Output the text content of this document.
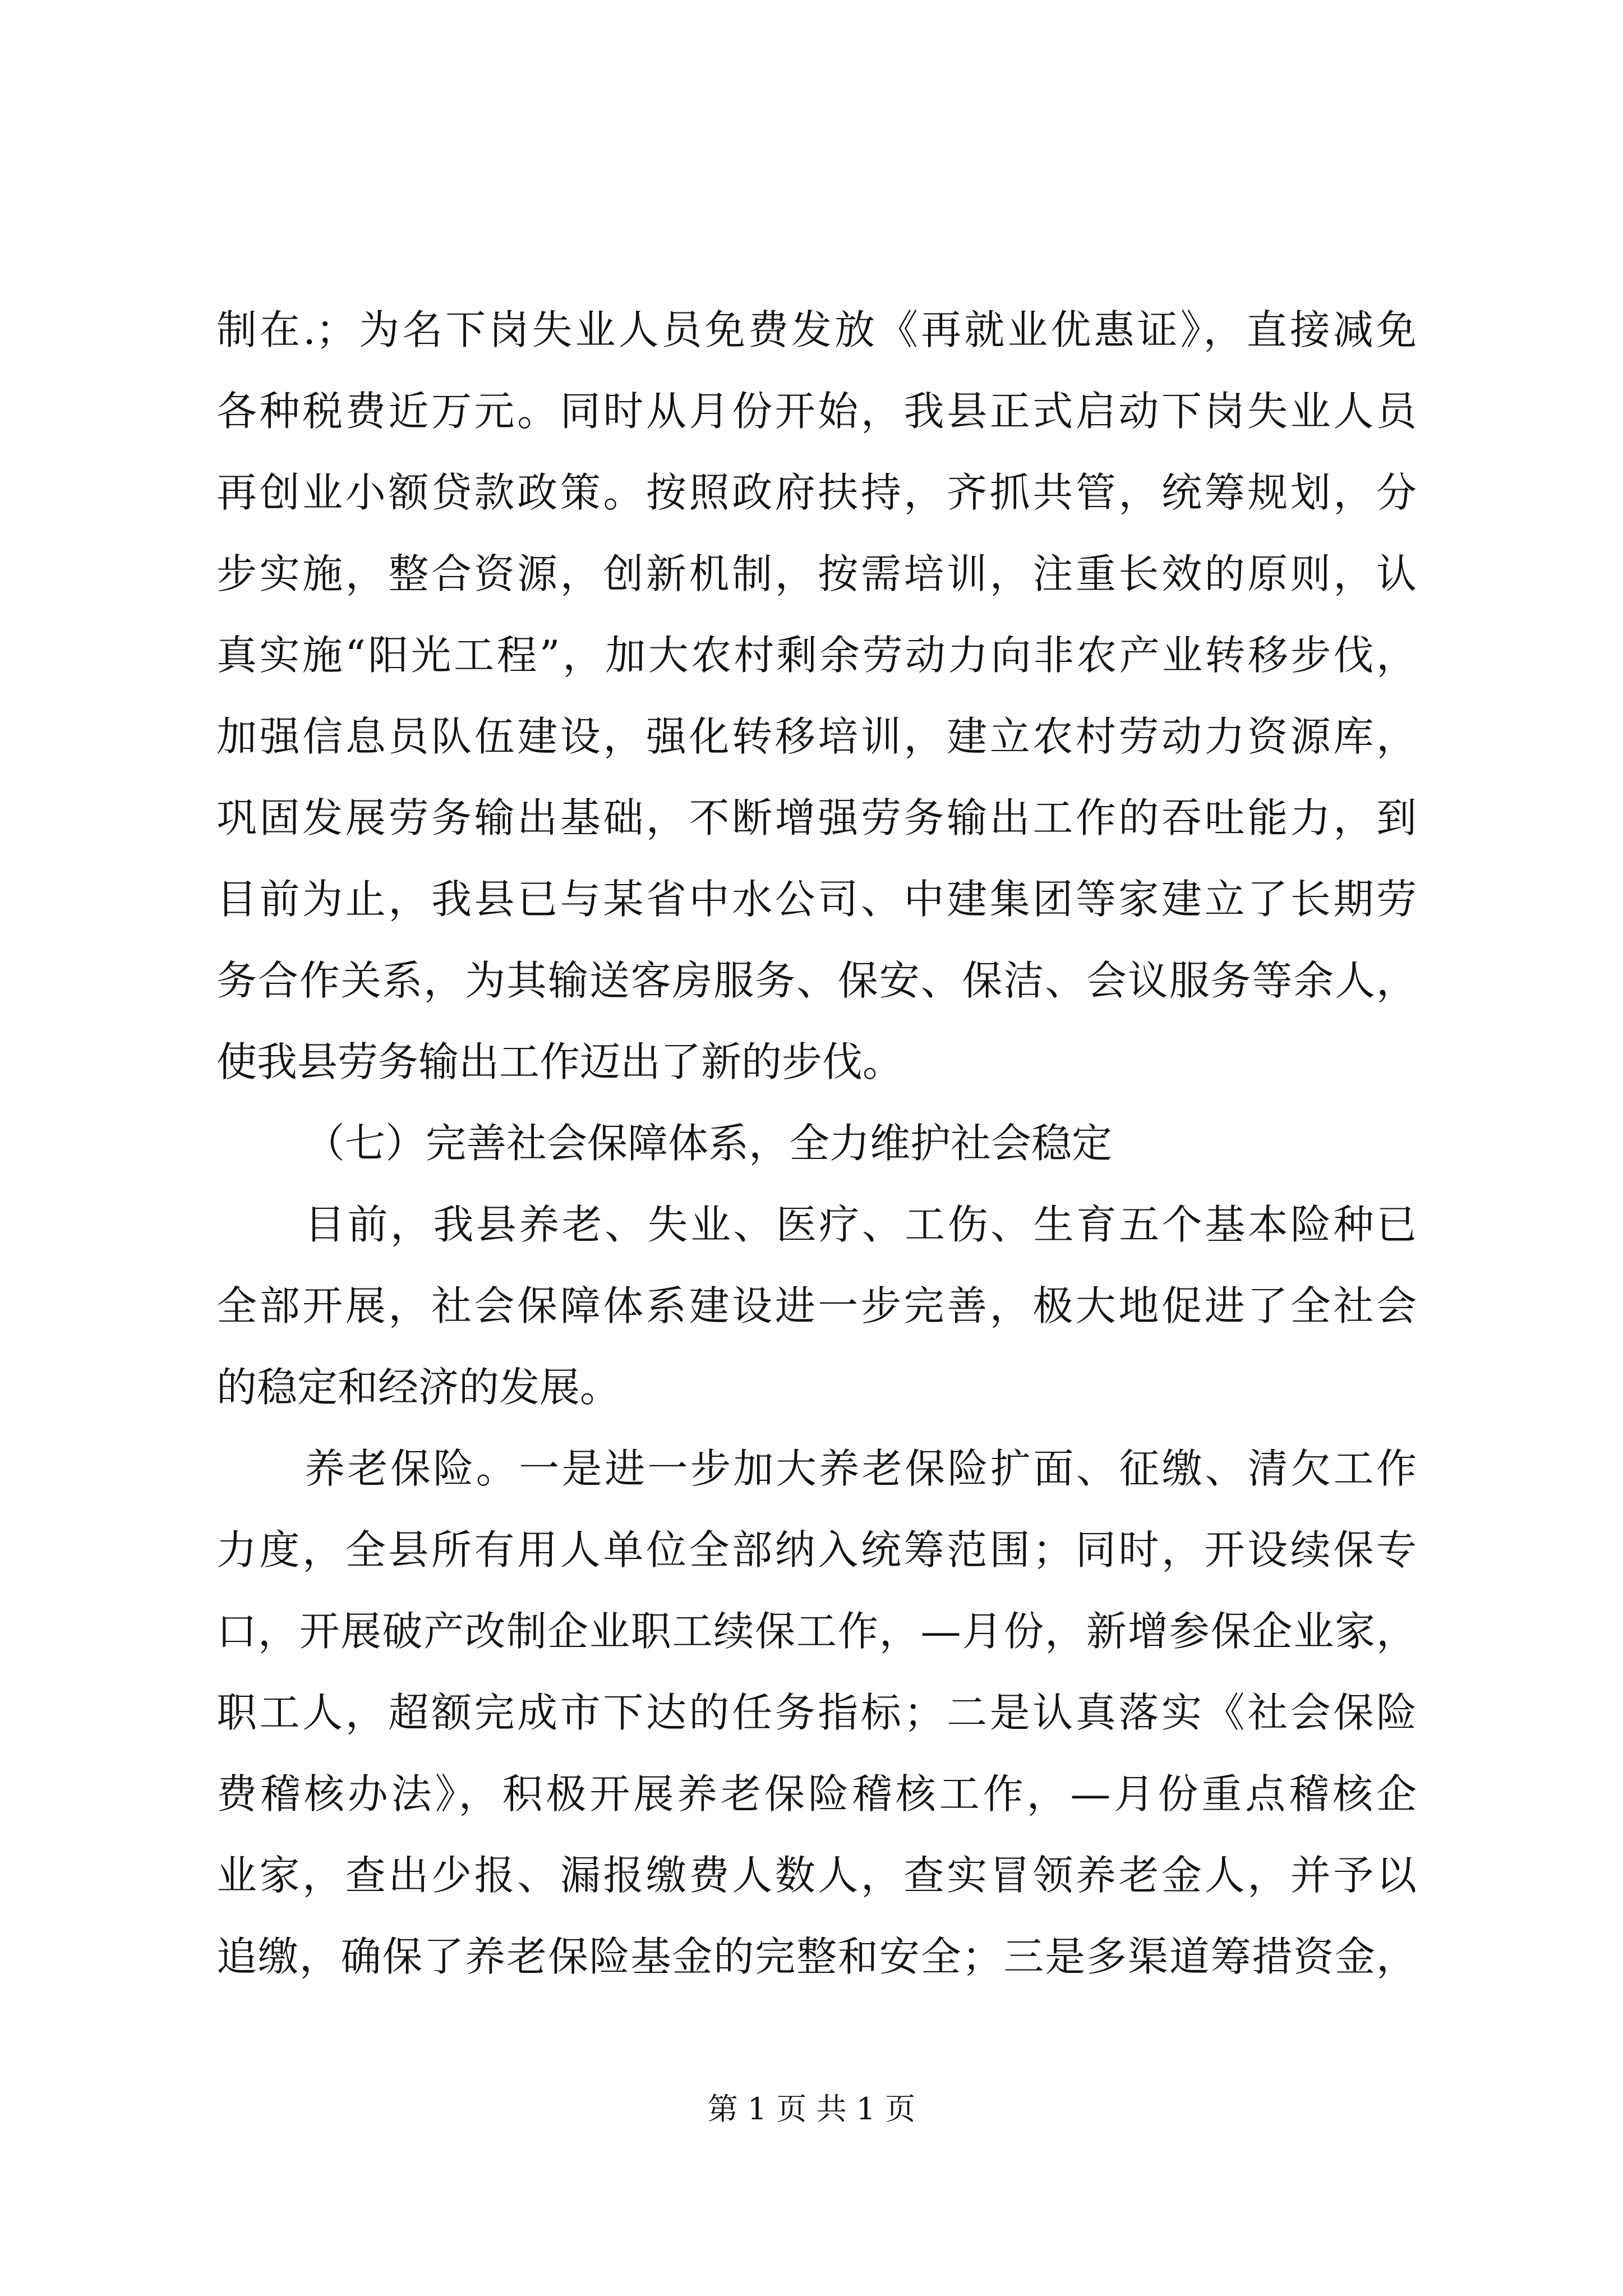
制在.；为名下岗失业人员免费发放《再就业优惠证》，直接减免
各种税费近万元。同时从月份开始，我县正式启动下岗失业人员
再创业小额贷款政策。按照政府扶持，齐抓共管，统筹规划，分
步实施，整合资源，创新机制，按需培训，注重长效的原则，认
真实施“阳光工程”，加大农村剩余劳动力向非农产业转移步伐，
加强信息员队伍建设，强化转移培训，建立农村劳动力资源库，
巩固发展劳务输出基础，不断增强劳务输出工作的吞吐能力，到
目前为止，我县已与某省中水公司、中建集团等家建立了长期劳
务合作关系，为其输送客房服务、保安、保洁、会议服务等余人，
使我县劳务输出工作迈出了新的步伐。
（七）完善社会保障体系，全力维护社会稳定
目前，我县养老、失业、医疗、工伤、生育五个基本险种已
全部开展，社会保障体系建设进一步完善，极大地促进了全社会
的稳定和经济的发展。
养老保险。一是进一步加大养老保险扩面、征缴、清欠工作
力度，全县所有用人单位全部纳入统筹范围；同时，开设续保专
口，开展破产改制企业职工续保工作，—月份，新增参保企业家，
职工人，超额完成市下达的任务指标；二是认真落实《社会保险
费稽核办法》，积极开展养老保险稽核工作，—月份重点稽核企
业家，查出少报、漏报缴费人数人，查实冒领养老金人，并予以
追缴，确保了养老保险基金的完整和安全；三是多渠道筹措资金，
第 1 页 共 1 页
